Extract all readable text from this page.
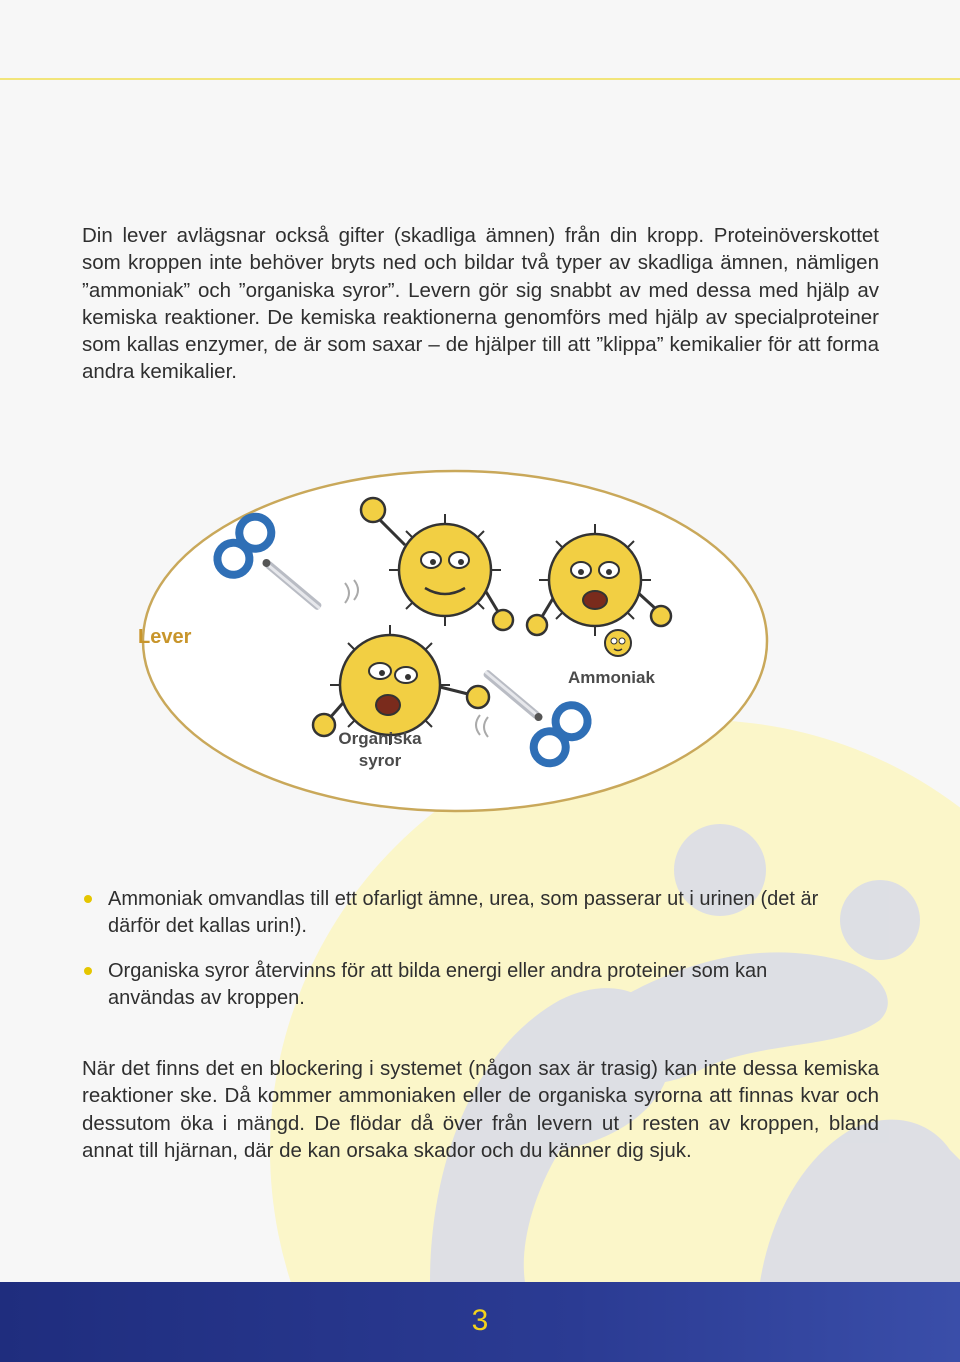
Din lever avlägsnar också gifter (skadliga ämnen) från din kropp. Proteinöverskottet som kroppen inte behöver bryts ned och bildar två typer av skadliga ämnen, nämligen ”ammoniak” och ”organiska syror”. Levern gör sig snabbt av med dessa med hjälp av kemiska reaktioner. De kemiska reaktionerna genomförs med hjälp av specialproteiner som kallas enzymer, de är som saxar – de hjälper till att ”klippa” kemikalier för att forma andra kemikalier.

Lever
Ammoniak
Organiska
syror
Ammoniak omvandlas till ett ofarligt ämne, urea, som passerar ut i urinen (det är därför det kallas urin!).
Organiska syror återvinns för att bilda energi eller andra proteiner som kan användas av kroppen.

När det finns det en blockering i systemet (någon sax är trasig) kan inte dessa kemiska reaktioner ske. Då kommer ammoniaken eller de organiska syrorna att finnas kvar och dessutom öka i mängd. De flödar då över från levern ut i resten av kroppen, bland annat till hjärnan, där de kan orsaka skador och du känner dig sjuk.

3
